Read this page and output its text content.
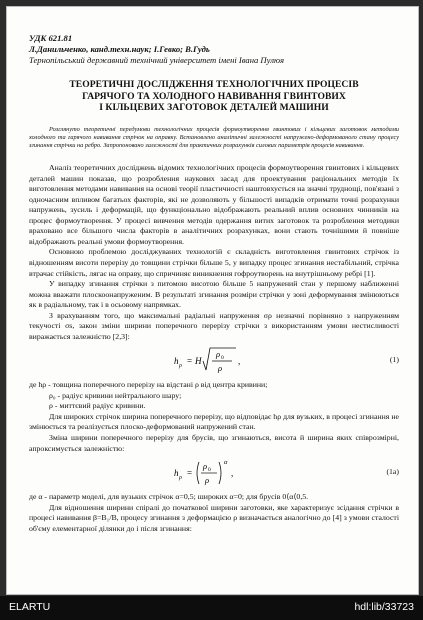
УДК 621.81
Л.Данильченко, канд.техн.наук; І.Гевко; В.Гудь
Тернопільський державний технічний університет імені Івана Пулюя
ТЕОРЕТИЧНІ ДОСЛІДЖЕННЯ ТЕХНОЛОГІЧНИХ ПРОЦЕСІВ
ГАРЯЧОГО ТА ХОЛОДНОГО НАВИВАННЯ ГВИНТОВИХ
І КІЛЬЦЕВИХ ЗАГОТОВОК ДЕТАЛЕЙ МАШИНИ
Розглянуто теоретичні передумови технологічних процесів формоутворення гвинтових і кільцевих заготовок методами холодного та гарячого навивання стрічок на оправку. Встановлено аналітичні залежності напружено-деформованого стану процесу згинання стрічки на ребро. Запропоновано залежності для практичних розрахунків силових параметрів процесів навивання.

Аналіз теоретичних досліджень відомих технологічних процесів формоутворення гвинтових і кільцевих деталей машин показав, що розроблення наукових засад для проектування раціональних методів їх виготовлення методами навивання на основі теорії пластичності наштовхується на значні труднощі, пов'язані з одночасним впливом багатьох факторів, які не дозволяють у більшості випадків отримати точні розрахунки напружень, зусиль і деформацій, що функціонально відображають реальний вплив основних чинників на процес формоутворення. У процесі вивчення методів одержання витих заготовок та розроблення методики враховано все більшого числа факторів в аналітичних розрахунках, вони стають точнішими й повніше відображають реальні умови формоутворення.

Основною проблемою досліджуваних технологій є складність виготовлення гвинтових стрічок із відношенням висоти перерізу до товщини стрічки більше 5, у випадку процес згинання нестабільний, стрічка втрачає стійкість, лягає на оправу, що спричиняє виникнення гофроутворень на внутрішньому ребрі [1].

У випадку згинання стрічки з питомою висотою більше 5 напружений стан у першому наближенні можна вважати плоскоонапруженим. В результаті згинання розміри стрічки у зоні деформування змінюються як в радіальному, так і в осьовому напрямках.

З врахуванням того, що максимальні радіальні напруження σρ незначні порівняно з напруженням текучості σs, закон зміни ширини поперечного перерізу стрічки з використанням умови нестисливості виражається залежністю [2,3]:

h ρ = H
ρ 0
ρ
,	(1)
де hρ - товщина поперечного перерізу на відстані ρ від центра кривини;
ρ₀ - радіус кривини нейтрального шару;
ρ - миттєвий радіус кривини.

Для широких стрічок ширина поперечного перерізу, що відповідає hρ для вузьких, в процесі згинання не змінюється та реалізується плоско-деформований напружений стан.

Зміна ширини поперечного перерізу для брусів, що згинаються, висота й ширина яких співрозмірні, апроксимується залежністю:

h ρ =
ρ 0
ρ
α
,	(1а)
де α - параметр моделі, для вузьких стрічок α=0,5; широких α=0; для брусів 0⟨α⟨0,5.

Для відношення ширини спіралі до початкової ширини заготовки, яке характеризує зсідання стрічки в процесі навивання β=B₁/B, процесу згинання з деформацією ρ визначається аналогічно до [4] з умови сталості об'єму елементарної ділянки до і після згинання:

ELARTU	hdl:lib/33723
